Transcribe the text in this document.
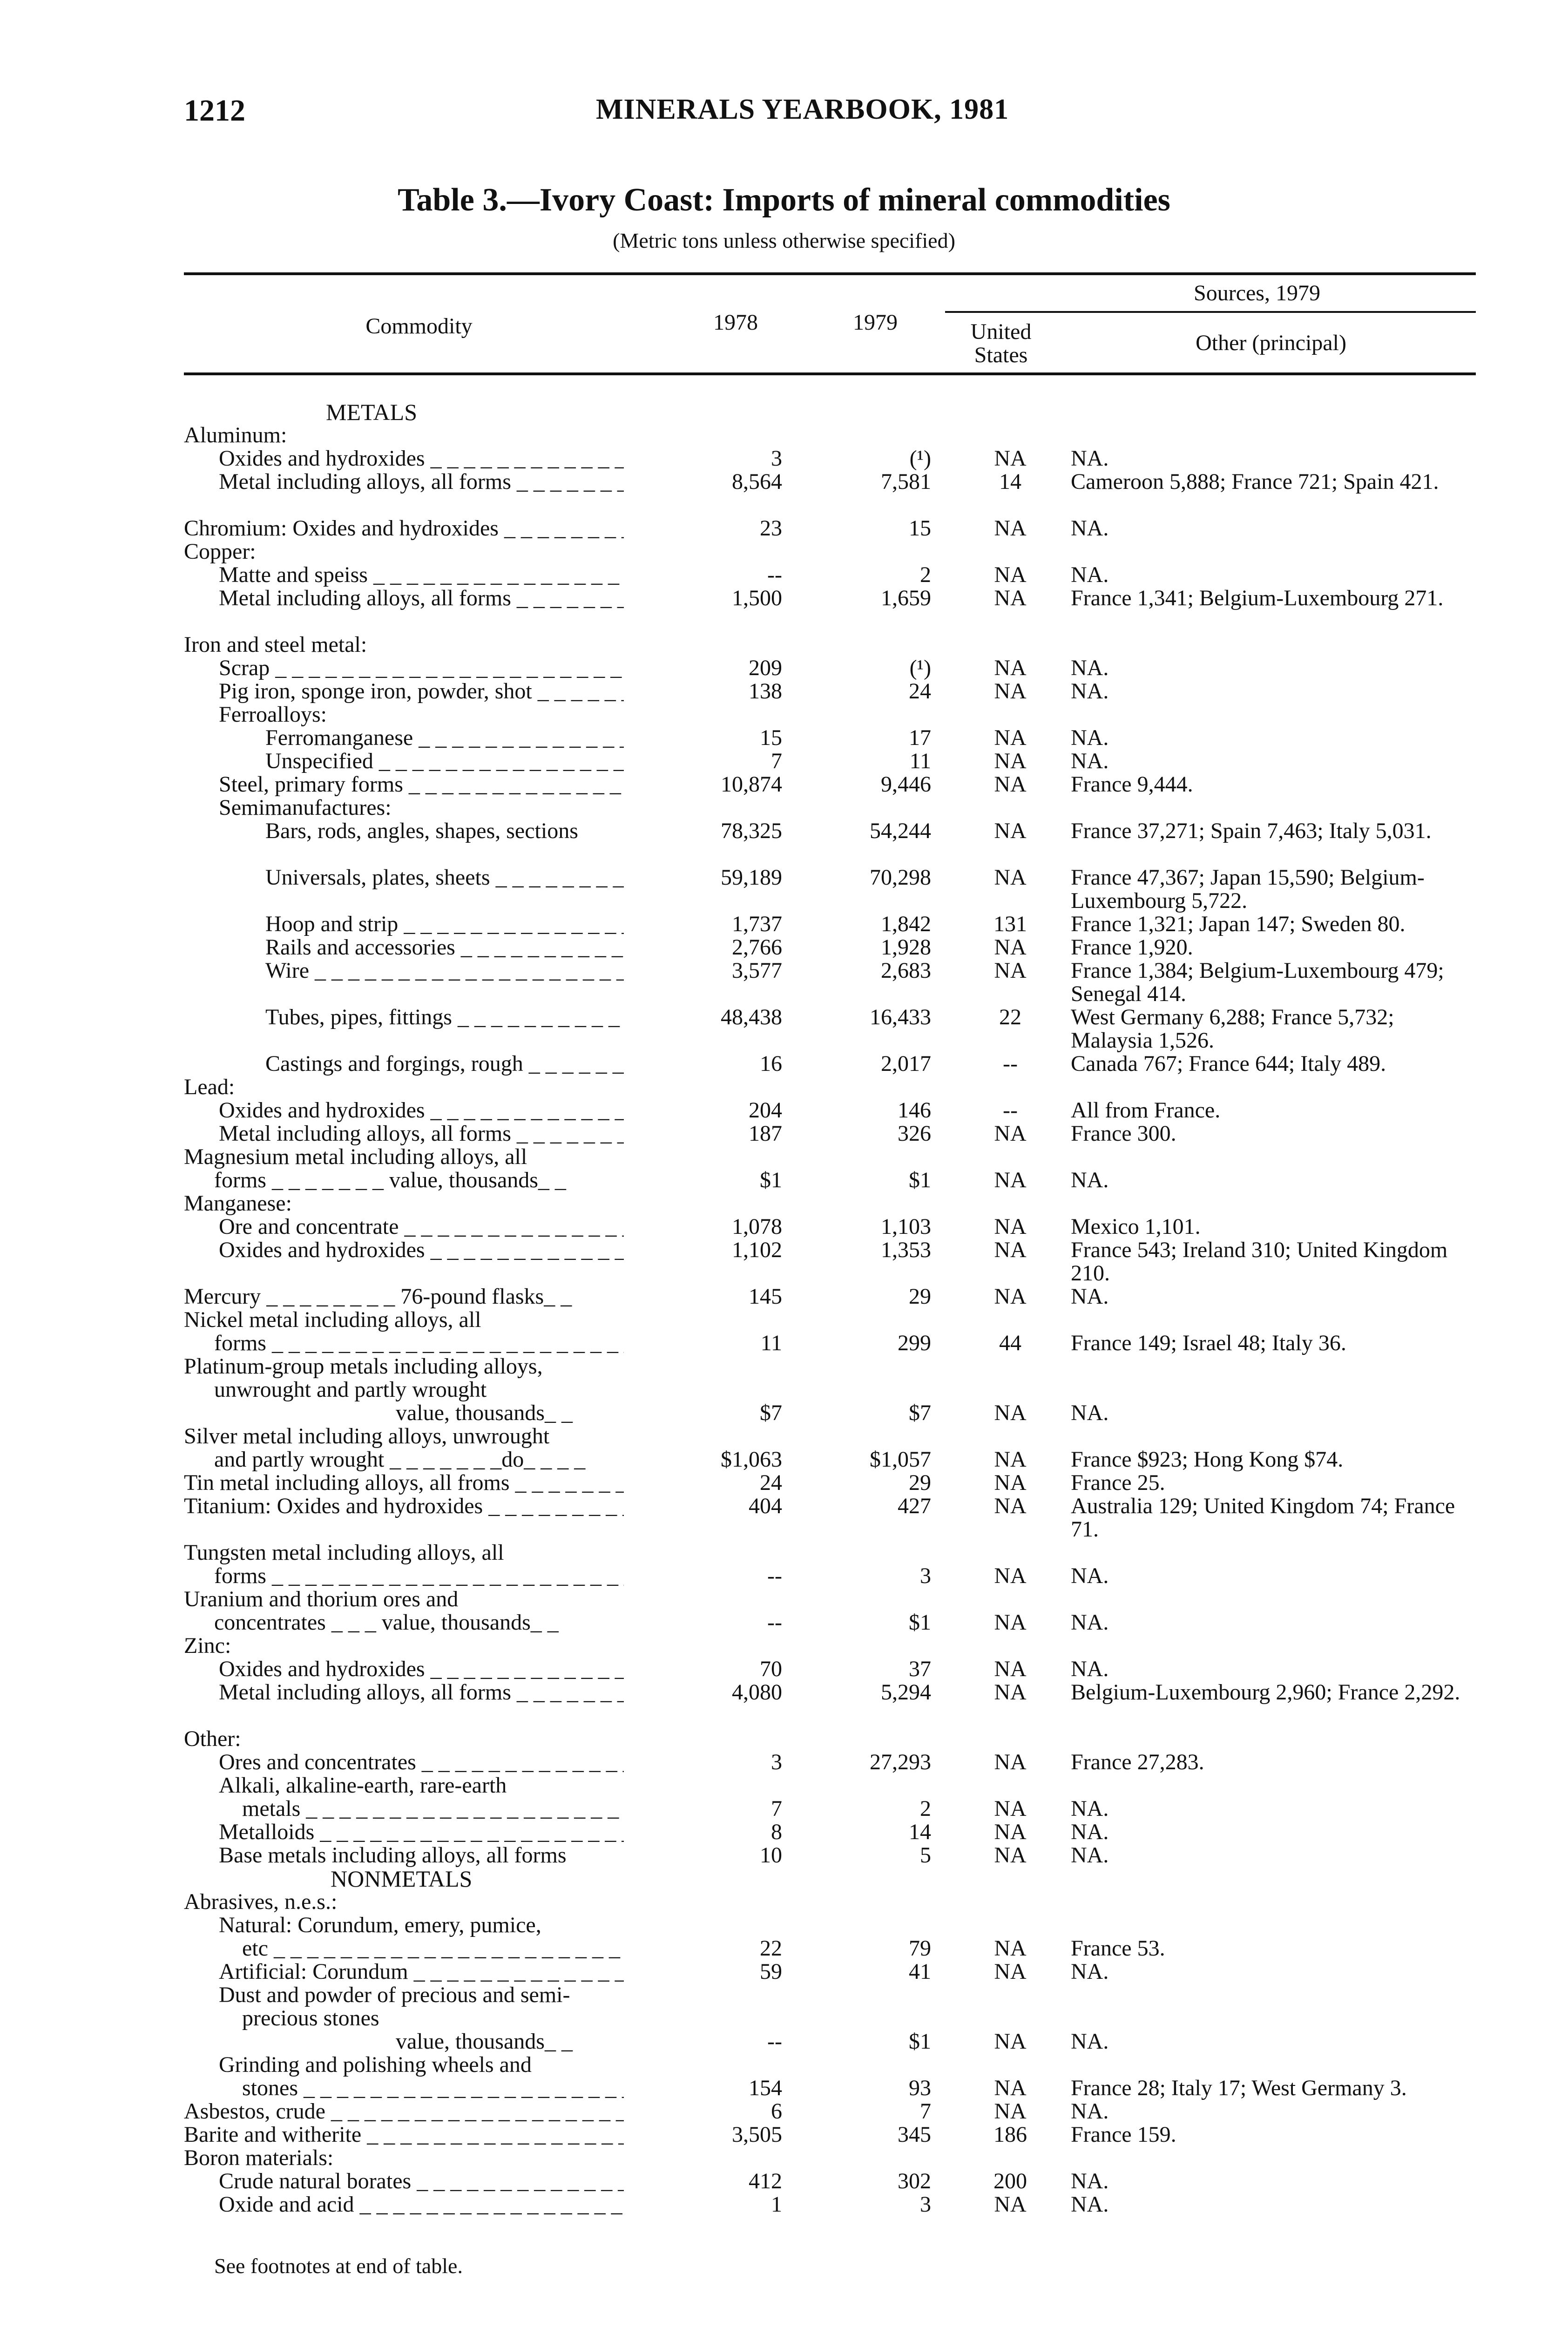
1212	MINERALS YEARBOOK, 1981
Table 3.—Ivory Coast: Imports of mineral commodities
(Metric tons unless otherwise specified)
Commodity	1978	1979
Sources, 1979
United States	Other (principal)
METALS
Aluminum:
Oxides and hydroxides _ _ _	3	(¹)	NA	NA.
Metal including alloys, all forms _ _ _	8,564	7,581	14	Cameroon 5,888; France 721; Spain 421.
Chromium: Oxides and hydroxides _ _ _	23	15	NA	NA.
Copper:
Matte and speiss _ _ _	--	2	NA	NA.
Metal including alloys, all forms _ _ _	1,500	1,659	NA	France 1,341; Belgium-Luxembourg 271.
Iron and steel metal:
Scrap _ _ _	209	(¹)	NA	NA.
Pig iron, sponge iron, powder, shot _ _ _	138	24	NA	NA.
Ferroalloys:
Ferromanganese _ _ _	15	17	NA	NA.
Unspecified _ _ _	7	11	NA	NA.
Steel, primary forms _ _ _	10,874	9,446	NA	France 9,444.
Semimanufactures:
Bars, rods, angles, shapes, sections	78,325	54,244	NA	France 37,271; Spain 7,463; Italy 5,031.
Universals, plates, sheets _ _ _	59,189	70,298	NA	France 47,367; Japan 15,590; Belgium-Luxembourg 5,722.
Hoop and strip _ _ _	1,737	1,842	131	France 1,321; Japan 147; Sweden 80.
Rails and accessories _ _ _	2,766	1,928	NA	France 1,920.
Wire _ _ _	3,577	2,683	NA	France 1,384; Belgium-Luxembourg 479; Senegal 414.
Tubes, pipes, fittings _ _ _	48,438	16,433	22	West Germany 6,288; France 5,732; Malaysia 1,526.
Castings and forgings, rough _ _ _	16	2,017	--	Canada 767; France 644; Italy 489.
Lead:
Oxides and hydroxides _ _ _	204	146	--	All from France.
Metal including alloys, all forms _ _ _	187	326	NA	France 300.
Magnesium metal including alloys, all
forms _ _ _ _ _ _ _ value, thousands_ _	$1	$1	NA	NA.
Manganese:
Ore and concentrate _ _ _	1,078	1,103	NA	Mexico 1,101.
Oxides and hydroxides _ _ _	1,102	1,353	NA	France 543; Ireland 310; United Kingdom 210.
Mercury _ _ _ _ _ _ _ _ 76-pound flasks_ _	145	29	NA	NA.
Nickel metal including alloys, all
forms _ _ _	11	299	44	France 149; Israel 48; Italy 36.
Platinum-group metals including alloys,
unwrought and partly wrought
value, thousands_ _	$7	$7	NA	NA.
Silver metal including alloys, unwrought
and partly wrought _ _ _ _ _ _ _do_ _ _ _	$1,063	$1,057	NA	France $923; Hong Kong $74.
Tin metal including alloys, all froms _ _ _	24	29	NA	France 25.
Titanium: Oxides and hydroxides _ _ _	404	427	NA	Australia 129; United Kingdom 74; France 71.
Tungsten metal including alloys, all
forms _ _ _	--	3	NA	NA.
Uranium and thorium ores and
concentrates _ _ _ value, thousands_ _	--	$1	NA	NA.
Zinc:
Oxides and hydroxides _ _ _	70	37	NA	NA.
Metal including alloys, all forms _ _ _	4,080	5,294	NA	Belgium-Luxembourg 2,960; France 2,292.
Other:
Ores and concentrates _ _ _	3	27,293	NA	France 27,283.
Alkali, alkaline-earth, rare-earth
metals _ _ _	7	2	NA	NA.
Metalloids _ _ _	8	14	NA	NA.
Base metals including alloys, all forms	10	5	NA	NA.
NONMETALS
Abrasives, n.e.s.:
Natural: Corundum, emery, pumice,
etc _ _ _	22	79	NA	France 53.
Artificial: Corundum _ _ _	59	41	NA	NA.
Dust and powder of precious and semi-
precious stones
value, thousands_ _	--	$1	NA	NA.
Grinding and polishing wheels and
stones _ _ _	154	93	NA	France 28; Italy 17; West Germany 3.
Asbestos, crude _ _ _	6	7	NA	NA.
Barite and witherite _ _ _	3,505	345	186	France 159.
Boron materials:
Crude natural borates _ _ _	412	302	200	NA.
Oxide and acid _ _ _	1	3	NA	NA.
See footnotes at end of table.
